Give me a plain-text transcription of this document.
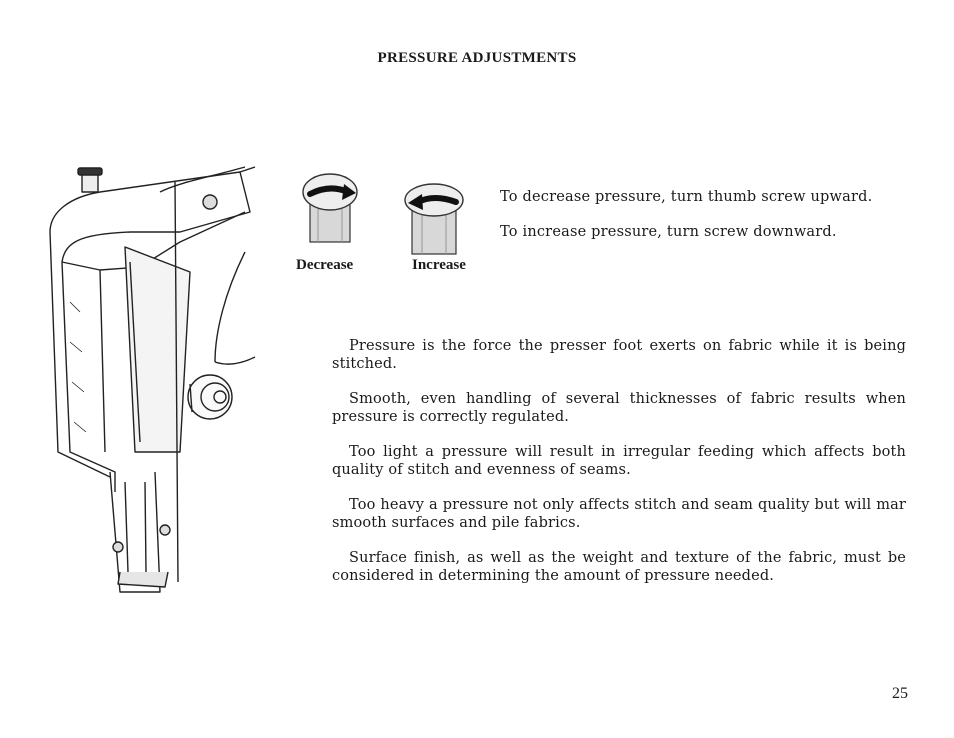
PRESSURE ADJUSTMENTS
Decrease	Increase
To decrease pressure, turn thumb screw upward.
To increase pressure, turn screw downward.

Pressure is the force the presser foot exerts on fabric while it is being stitched.

Smooth, even handling of several thicknesses of fabric results when pressure is correctly regulated.

Too light a pressure will result in irregular feeding which affects both quality of stitch and evenness of seams.

Too heavy a pressure not only affects stitch and seam quality but will mar smooth surfaces and pile fabrics.

Surface finish, as well as the weight and texture of the fabric, must be considered in determining the amount of pressure needed.

25
